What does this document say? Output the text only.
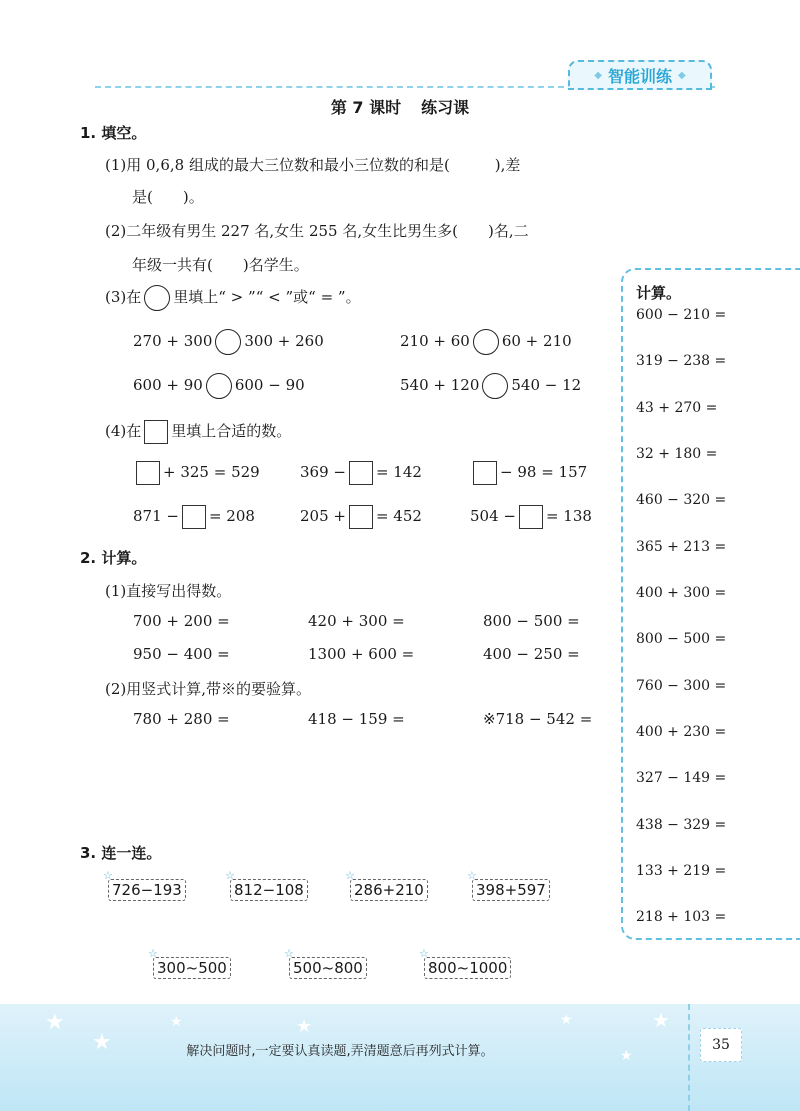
◆ 智能训练 ◆
第 7 课时 练习课
1. 填空。
(1)用 0,6,8 组成的最大三位数和最小三位数的和是(　　　),差
是(　　)。
(2)二年级有男生 227 名,女生 255 名,女生比男生多(　　)名,二
年级一共有(　　)名学生。
(3)在 里填上“ > ”“ < ”或“ = ”。
270 + 300 300 + 260	210 + 60 60 + 210
600 + 90 600 − 90	540 + 120 540 − 12
(4)在 里填上合适的数。
+ 325 = 529	369 − = 142	− 98 = 157
871 − = 208	205 + = 452	504 − = 138
2. 计算。
(1)直接写出得数。
700 + 200 =	420 + 300 =	800 − 500 =
950 − 400 =	1300 + 600 =	400 − 250 =
(2)用竖式计算,带※的要验算。
780 + 280 =	418 − 159 =	※718 − 542 =
3. 连一连。
☆
726−193
☆
812−108
☆
286+210
☆
398+597
☆
300~500
☆
500~800
☆
800~1000
计算。
600 − 210 =
319 − 238 =
43 + 270 =
32 + 180 =
460 − 320 =
365 + 213 =
400 + 300 =
800 − 500 =
760 − 300 =
400 + 230 =
327 − 149 =
438 − 329 =
133 + 219 =
218 + 103 =
★
★
★	★	★	★
★
解决问题时,一定要认真读题,弄清题意后再列式计算。	35
